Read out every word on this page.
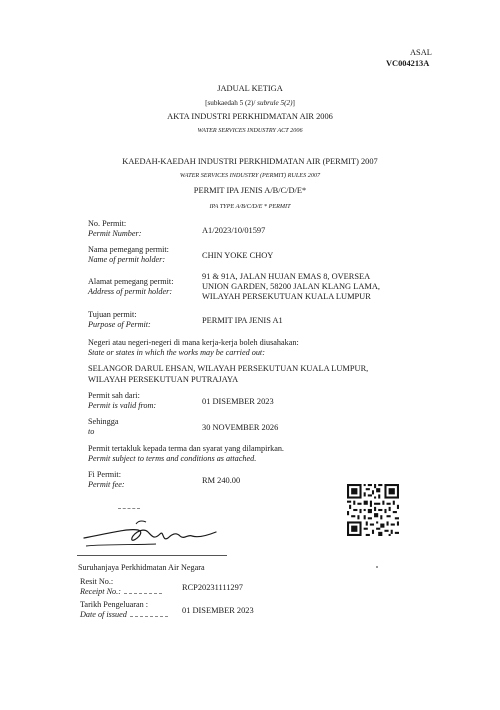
ASAL
VC004213A
JADUAL KETIGA
[subkaedah 5 (2)/ subrule 5(2)]
AKTA INDUSTRI PERKHIDMATAN AIR 2006
WATER SERVICES INDUSTRY ACT 2006
KAEDAH-KAEDAH INDUSTRI PERKHIDMATAN AIR (PERMIT) 2007
WATER SERVICES INDUSTRY (PERMIT) RULES 2007
PERMIT IPA JENIS A/B/C/D/E*
IPA TYPE A/B/C/D/E * PERMIT
No. Permit:
Permit Number:	A1/2023/10/01597
Nama pemegang permit:
Name of permit holder:	CHIN YOKE CHOY
Alamat pemegang permit:
Address of permit holder:
91 & 91A, JALAN HUJAN EMAS 8, OVERSEA
UNION GARDEN, 58200 JALAN KLANG LAMA,
WILAYAH PERSEKUTUAN KUALA LUMPUR
Tujuan permit:
Purpose of Permit:	PERMIT IPA JENIS A1
Negeri atau negeri-negeri di mana kerja-kerja boleh diusahakan:
State or states in which the works may be carried out:
SELANGOR DARUL EHSAN, WILAYAH PERSEKUTUAN KUALA LUMPUR,
WILAYAH PERSEKUTUAN PUTRAJAYA
Permit sah dari:
Permit is valid from:	01 DISEMBER 2023
Sehingga
to	30 NOVEMBER 2026
Permit tertakluk kepada terma dan syarat yang dilampirkan.
Permit subject to terms and conditions as attached.
Fi Permit:
Permit fee:	RM 240.00
Suruhanjaya Perkhidmatan Air Negara
Resit No.:
Receipt No.:	RCP20231111297
Tarikh Pengeluaran :
Date of issued	01 DISEMBER 2023
